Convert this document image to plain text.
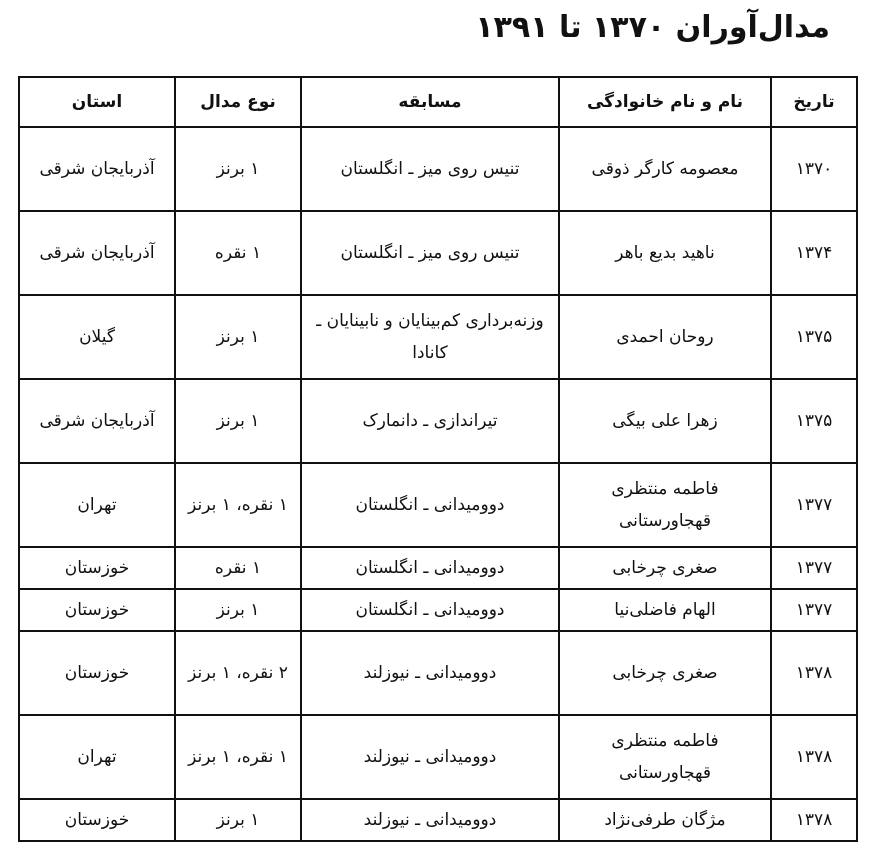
مدال‌آوران ۱۳۷۰ تا ۱۳۹۱
تاریخ	نام و نام خانوادگی	مسابقه	نوع مدال	استان
۱۳۷۰	معصومه کارگر ذوقی	تنیس روی میز ـ انگلستان	۱ برنز	آذربایجان شرقی
۱۳۷۴	ناهید بدیع باهر	تنیس روی میز ـ انگلستان	۱ نقره	آذربایجان شرقی
۱۳۷۵	روحان احمدی	وزنه‌برداری کم‌بینایان و نابینایان ـ کانادا	۱ برنز	گیلان
۱۳۷۵	زهرا علی بیگی	تیراندازی ـ دانمارک	۱ برنز	آذربایجان شرقی
۱۳۷۷	فاطمه منتظری قهجاورستانی	دوومیدانی ـ انگلستان	۱ نقره، ۱ برنز	تهران
۱۳۷۷	صغری چرخابی	دوومیدانی ـ انگلستان	۱ نقره	خوزستان
۱۳۷۷	الهام فاضلی‌نیا	دوومیدانی ـ انگلستان	۱ برنز	خوزستان
۱۳۷۸	صغری چرخابی	دوومیدانی ـ نیوزلند	۲ نقره، ۱ برنز	خوزستان
۱۳۷۸	فاطمه منتظری قهجاورستانی	دوومیدانی ـ نیوزلند	۱ نقره، ۱ برنز	تهران
۱۳۷۸	مژگان طرفی‌نژاد	دوومیدانی ـ نیوزلند	۱ برنز	خوزستان
